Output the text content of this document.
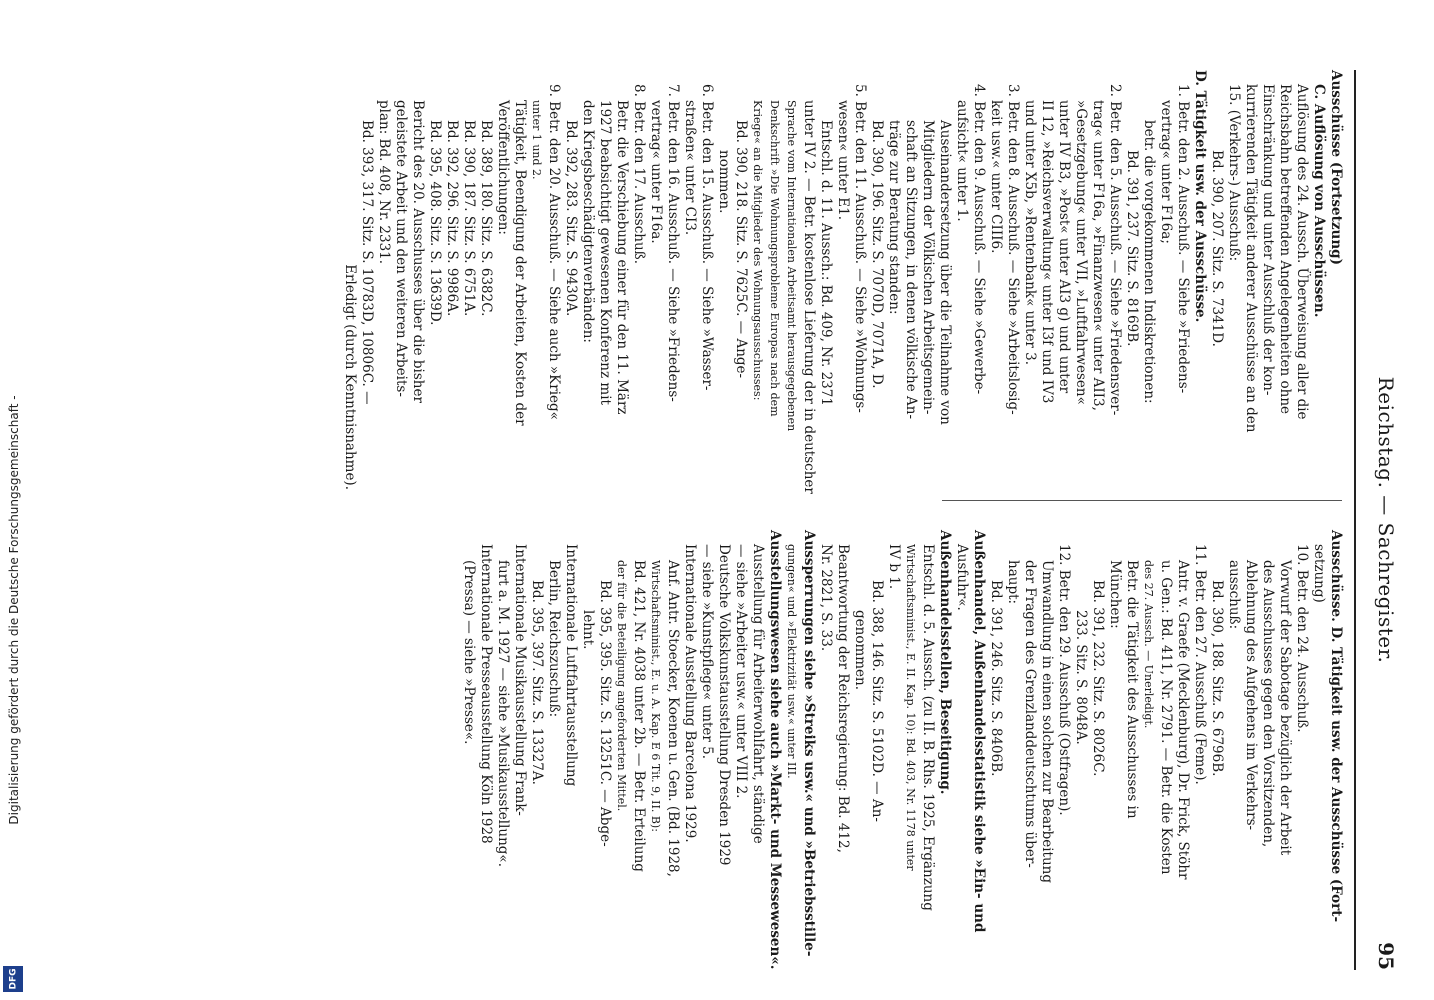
Digitalisierung gefördert durch die Deutsche Forschungsgemeinschaft -
DFG
Reichstag. — Sachregister.
95
Ausschüsse (Fortsetzung)
C. Auflösung von Ausschüssen.
Auflösung des 24. Aussch. Überweisung aller die
Reichsbahn betreffenden Angelegenheiten ohne
Einschränkung und unter Ausschluß der kon-
kurrierenden Tätigkeit anderer Ausschüsse an den
15. (Verkehrs-) Ausschuß:
Bd. 390, 207. Sitz. S. 7341D.
D. Tätigkeit usw. der Ausschüsse.
1. Betr. den 2. Ausschuß. — Siehe »Friedens-
vertrag« unter F16a;
betr. die vorgekommenen Indiskretionen:
Bd. 391, 237. Sitz. S. 8169B.
2. Betr. den 5. Ausschuß. — Siehe »Friedensver-
trag« unter F16a, »Finanzwesen« unter AII3,
»Gesetzgebung« unter VII, »Luftfahrwesen«
unter IV B3, »Post« unter AI3 g) und unter
II 12, »Reichsverwaltung« unter I3f und IV3
und unter X5b, »Rentenbank« unter 3.
3. Betr. den 8. Ausschuß. — Siehe »Arbeitslosig-
keit usw.« unter CIII6.
4. Betr. den 9. Ausschuß. — Siehe »Gewerbe-
aufsicht« unter 1.
Auseinandersetzung über die Teilnahme von
Mitgliedern der Völkischen Arbeitsgemein-
schaft an Sitzungen, in denen völkische An-
träge zur Beratung standen:
Bd. 390, 196. Sitz. S. 7070D, 7071A, D.
5. Betr. den 11. Ausschuß. — Siehe »Wohnungs-
wesen« unter E1.
Entschl. d. 11. Aussch.: Bd. 409, Nr. 2371
unter IV 2. — Betr. kostenlose Lieferung der in deutscher
Sprache vom Internationalen Arbeitsamt herausgegebenen
Denkschrift »Die Wohnungsprobleme Europas nach dem
Kriege« an die Mitglieder des Wohnungsausschusses:
Bd. 390, 218. Sitz. S. 7625C. — Ange-
nommen.
6. Betr. den 15. Ausschuß. — Siehe »Wasser-
straßen« unter CI3.
7. Betr. den 16. Ausschuß. — Siehe »Friedens-
vertrag« unter F16a.
8. Betr. den 17. Ausschuß.
Betr. die Verschiebung einer für den 11. März
1927 beabsichtigt gewesenen Konferenz mit
den Kriegsbeschädigtenverbänden:
Bd. 392, 283. Sitz. S. 9430A.
9. Betr. den 20. Ausschuß. — Siehe auch »Krieg«
unter 1 und 2.
Tätigkeit, Beendigung der Arbeiten, Kosten der
Veröffentlichungen:
Bd. 389, 180. Sitz. S. 6382C.
Bd. 390, 187. Sitz. S. 6751A.
Bd. 392, 296. Sitz. S. 9986A.
Bd. 395, 408. Sitz. S. 13639D.
Bericht des 20. Ausschusses über die bisher
geleistete Arbeit und den weiteren Arbeits-
plan: Bd. 408, Nr. 2331.
Bd. 393, 317. Sitz. S. 10783D, 10806C. —
Erledigt (durch Kenntnisnahme).
Ausschüsse. D. Tätigkeit usw. der Ausschüsse (Fort-
setzung)
10. Betr. den 24. Ausschuß.
Vorwurf der Sabotage bezüglich der Arbeit
des Ausschusses gegen den Vorsitzenden,
Ablehnung des Aufgehens im Verkehrs-
ausschuß:
Bd. 390, 188. Sitz. S. 6796B.
11. Betr. den 27. Ausschuß (Feme).
Antr. v. Graefe (Mecklenburg), Dr. Frick, Stöhr
u. Gen.: Bd. 411, Nr. 2791. — Betr. die Kosten
des 27. Aussch. — Unerledigt.
Betr. die Tätigkeit des Ausschusses in
München:
Bd. 391, 232. Sitz. S. 8026C.
233. Sitz. S. 8048A.
12. Betr. den 29. Ausschuß (Ostfragen).
Umwandlung in einen solchen zur Bearbeitung
der Fragen des Grenzlanddeutschtums über-
haupt:
Bd. 391, 246. Sitz. S. 8406B.
Außenhandel, Außenhandelsstatistik siehe »Ein- und
Ausfuhr«.
Außenhandelsstellen, Beseitigung.
Entschl. d. 5. Aussch. (zu II. B. Rhs. 1925, Ergänzung
Wirtschaftsminist., E. II. Kap. 10): Bd. 403, Nr. 1178 unter
IV b 1.
Bd. 388, 146. Sitz. S. 5102D. — An-
genommen.
Beantwortung der Reichsregierung: Bd. 412,
Nr. 2821, S. 33.
Aussperrungen siehe »Streiks usw.« und »Betriebsstille-
gungen« und »Elektrizität usw.« unter III.
Ausstellungswesen siehe auch »Markt- und Messewesen«.
Ausstellung für Arbeiterwohlfahrt, ständige
— siehe »Arbeiter usw.« unter VIII 2.
Deutsche Volkskunstausstellung Dresden 1929
— siehe »Kunstpflege« unter 5.
Internationale Ausstellung Barcelona 1929.
Anf. Antr. Stoecker, Koenen u. Gen. (Bd. 1928,
Wirtschaftsminist., E. u. A. Kap. E 6 Tit. 9, II. B):
Bd. 421, Nr. 4038 unter 2b. — Betr. Erteilung
der für die Beteiligung angeforderten Mittel.
Bd. 395, 395. Sitz. S. 13251C. — Abge-
lehnt.
Internationale Luftfahrtausstellung
Berlin, Reichszuschuß:
Bd. 395, 397. Sitz. S. 13327A.
Internationale Musikausstellung Frank-
furt a. M. 1927 — siehe »Musikausstellung«.
Internationale Presseausstellung Köln 1928
(Pressa) — siehe »Presse«.
